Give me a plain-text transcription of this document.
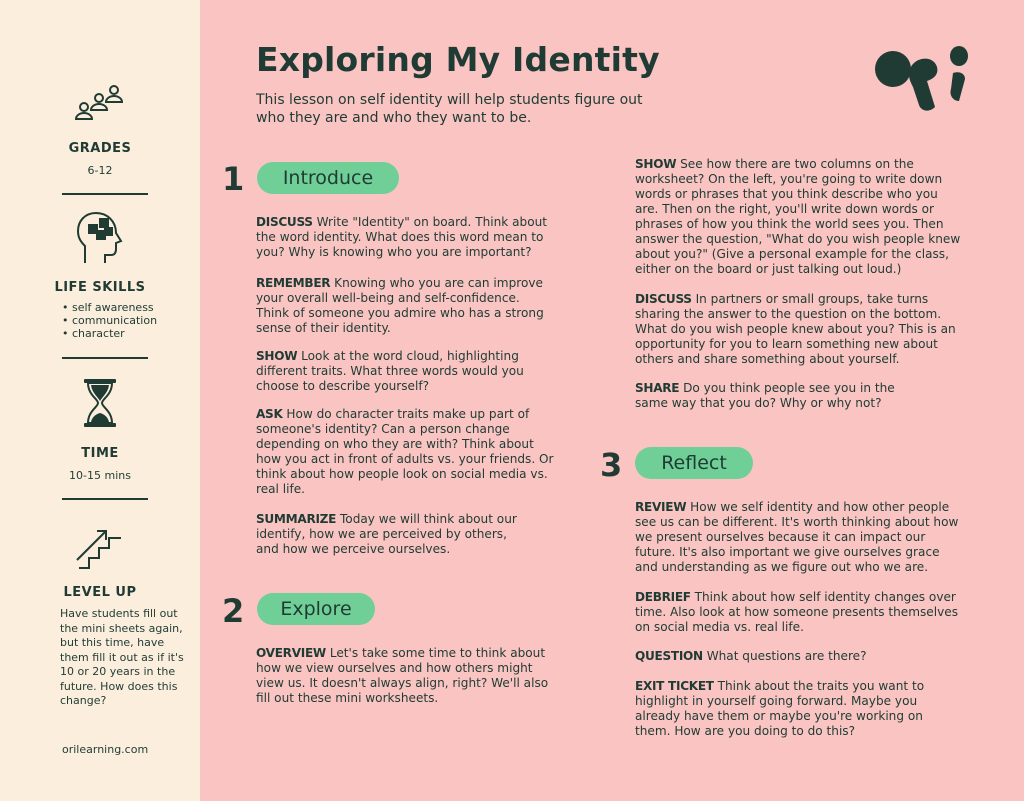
GRADES
6-12
LIFE SKILLS
• self awareness
• communication
• character
TIME
10-15 mins
LEVEL UP
Have students fill out the mini sheets again, but this time, have them fill it out as if it's 10 or 20 years in the future. How does this change?
orilearning.com
Exploring My Identity
This lesson on self identity will help students figure out who they are and who they want to be.
1	Introduce
DISCUSS Write "Identity" on board. Think about the word identity. What does this word mean to you? Why is knowing who you are important?
REMEMBER Knowing who you are can improve your overall well-being and self-confidence. Think of someone you admire who has a strong sense of their identity.
SHOW Look at the word cloud, highlighting different traits. What three words would you choose to describe yourself?
ASK How do character traits make up part of someone's identity? Can a person change depending on who they are with? Think about how you act in front of adults vs. your friends. Or think about how people look on social media vs. real life.
SUMMARIZE Today we will think about our identify, how we are perceived by others, and how we perceive ourselves.
2	Explore
OVERVIEW Let's take some time to think about how we view ourselves and how others might view us. It doesn't always align, right? We'll also fill out these mini worksheets.
SHOW See how there are two columns on the worksheet? On the left, you're going to write down words or phrases that you think describe who you are. Then on the right, you'll write down words or phrases of how you think the world sees you. Then answer the question, "What do you wish people knew about you?" (Give a personal example for the class, either on the board or just talking out loud.)
DISCUSS In partners or small groups, take turns sharing the answer to the question on the bottom. What do you wish people knew about you? This is an opportunity for you to learn something new about others and share something about yourself.
SHARE Do you think people see you in the same way that you do? Why or why not?
3	Reflect
REVIEW How we self identity and how other people see us can be different. It's worth thinking about how we present ourselves because it can impact our future. It's also important we give ourselves grace and understanding as we figure out who we are.
DEBRIEF Think about how self identity changes over time. Also look at how someone presents themselves on social media vs. real life.
QUESTION What questions are there?
EXIT TICKET Think about the traits you want to highlight in yourself going forward. Maybe you already have them or maybe you're working on them. How are you doing to do this?
